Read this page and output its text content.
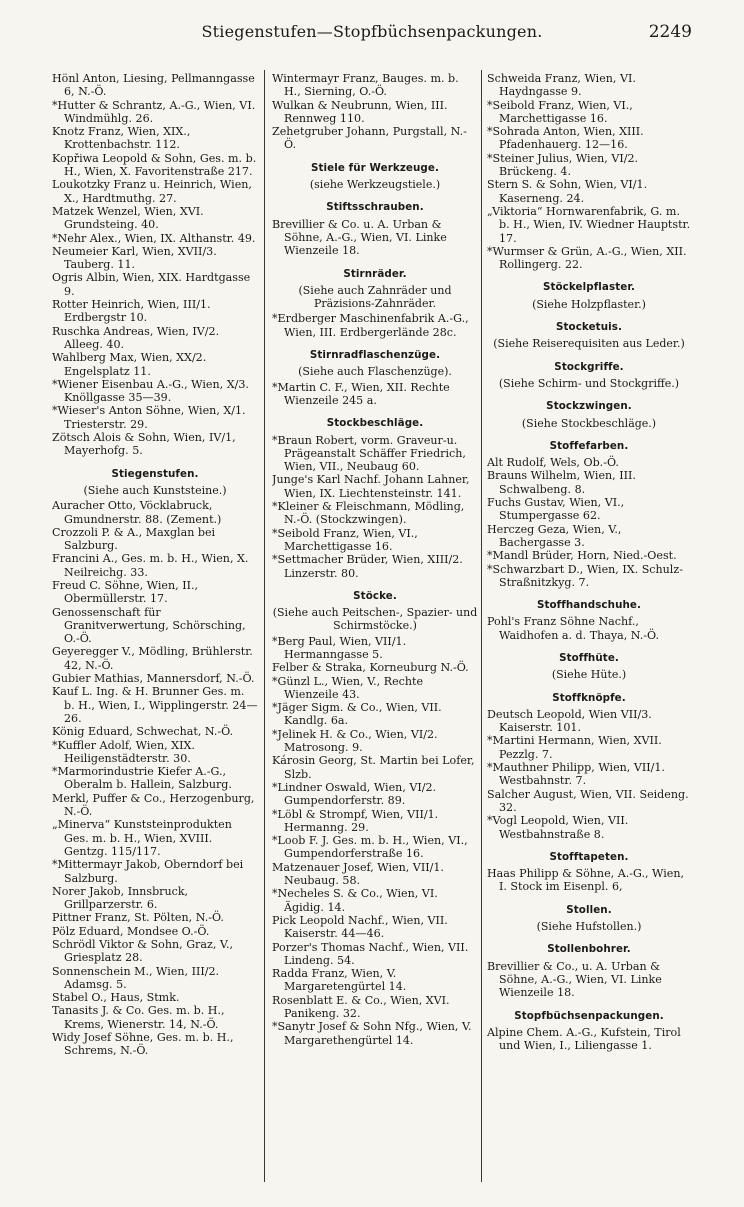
Stiegenstufen—Stopfbüchsenpackungen.	2249

Hönl Anton, Liesing, Pellmanngasse 6, N.-Ö.

*Hutter & Schrantz, A.-G., Wien, VI. Windmühlg. 26.

Knotz Franz, Wien, XIX., Krottenbachstr. 112.

Kopřiwa Leopold & Sohn, Ges. m. b. H., Wien, X. Favoritenstraße 217.

Loukotzky Franz u. Heinrich, Wien, X., Hardtmuthg. 27.

Matzek Wenzel, Wien, XVI. Grundsteing. 40.

*Nehr Alex., Wien, IX. Althanstr. 49.

Neumeier Karl, Wien, XVII/3. Tauberg. 11.

Ogris Albin, Wien, XIX. Hardtgasse 9.

Rotter Heinrich, Wien, III/1. Erdbergstr 10.

Ruschka Andreas, Wien, IV/2. Alleeg. 40.

Wahlberg Max, Wien, XX/2. Engelsplatz 11.

*Wiener Eisenbau A.-G., Wien, X/3. Knöllgasse 35—39.

*Wieser's Anton Söhne, Wien, X/1. Triesterstr. 29.

Zötsch Alois & Sohn, Wien, IV/1, Mayerhofg. 5.

Stiegenstufen.
(Siehe auch Kunststeine.)

Auracher Otto, Vöcklabruck, Gmundnerstr. 88. (Zement.)

Crozzoli P. & A., Maxglan bei Salzburg.

Francini A., Ges. m. b. H., Wien, X. Neilreichg. 33.

Freud C. Söhne, Wien, II., Obermüllerstr. 17.

Genossenschaft für Granitverwertung, Schörsching, O.-Ö.

Geyeregger V., Mödling, Brühlerstr. 42, N.-Ö.

Gubier Mathias, Mannersdorf, N.-Ö.

Kauf L. Ing. & H. Brunner Ges. m. b. H., Wien, I., Wipplingerstr. 24—26.

König Eduard, Schwechat, N.-Ö.

*Kuffler Adolf, Wien, XIX. Heiligenstädterstr. 30.

*Marmorindustrie Kiefer A.-G., Oberalm b. Hallein, Salzburg.

Merkl, Puffer & Co., Herzogenburg, N.-Ö.

„Minerva“ Kunststeinprodukten Ges. m. b. H., Wien, XVIII. Gentzg. 115/117.

*Mittermayr Jakob, Oberndorf bei Salzburg.

Norer Jakob, Innsbruck, Grillparzerstr. 6.

Pittner Franz, St. Pölten, N.-Ö.

Pölz Eduard, Mondsee O.-Ö.

Schrödl Viktor & Sohn, Graz, V., Griesplatz 28.

Sonnenschein M., Wien, III/2. Adamsg. 5.

Stabel O., Haus, Stmk.

Tanasits J. & Co. Ges. m. b. H., Krems, Wienerstr. 14, N.-Ö.

Widy Josef Söhne, Ges. m. b. H., Schrems, N.-Ö.

Wintermayr Franz, Bauges. m. b. H., Sierning, O.-Ö.

Wulkan & Neubrunn, Wien, III. Rennweg 110.

Zehetgruber Johann, Purgstall, N.-Ö.

Stiele für Werkzeuge.
(siehe Werkzeugstiele.)
Stiftsschrauben.

Brevillier & Co. u. A. Urban & Söhne, A.-G., Wien, VI. Linke Wienzeile 18.

Stirnräder.
(Siehe auch Zahnräder und Präzisions-Zahnräder.

*Erdberger Maschinenfabrik A.-G., Wien, III. Erdbergerlände 28c.

Stirnradflaschenzüge.
(Siehe auch Flaschenzüge).

*Martin C. F., Wien, XII. Rechte Wienzeile 245 a.

Stockbeschläge.

*Braun Robert, vorm. Graveur-u. Prägeanstalt Schäffer Friedrich, Wien, VII., Neubaug 60.

Junge's Karl Nachf. Johann Lahner, Wien, IX. Liechtensteinstr. 141.

*Kleiner & Fleischmann, Mödling, N.-Ö. (Stockzwingen).

*Seibold Franz, Wien, VI., Marchettigasse 16.

*Settmacher Brüder, Wien, XIII/2. Linzerstr. 80.

Stöcke.
(Siehe auch Peitschen-, Spazier- und Schirmstöcke.)

*Berg Paul, Wien, VII/1. Hermanngasse 5.

Felber & Straka, Korneuburg N.-Ö.

*Günzl L., Wien, V., Rechte Wienzeile 43.

*Jäger Sigm. & Co., Wien, VII. Kandlg. 6a.

*Jelinek H. & Co., Wien, VI/2. Matrosong. 9.

Károsin Georg, St. Martin bei Lofer, Slzb.

*Lindner Oswald, Wien, VI/2. Gumpendorferstr. 89.

*Löbl & Strompf, Wien, VII/1. Hermanng. 29.

*Loob F. J. Ges. m. b. H., Wien, VI., Gumpendorferstraße 16.

Matzenauer Josef, Wien, VII/1. Neubaug. 58.

*Necheles S. & Co., Wien, VI. Ägidig. 14.

Pick Leopold Nachf., Wien, VII. Kaiserstr. 44—46.

Porzer's Thomas Nachf., Wien, VII. Lindeng. 54.

Radda Franz, Wien, V. Margaretengürtel 14.

Rosenblatt E. & Co., Wien, XVI. Panikeng. 32.

*Sanytr Josef & Sohn Nfg., Wien, V. Margarethengürtel 14.

Schweida Franz, Wien, VI. Haydngasse 9.

*Seibold Franz, Wien, VI., Marchettigasse 16.

*Sohrada Anton, Wien, XIII. Pfadenhauerg. 12—16.

*Steiner Julius, Wien, VI/2. Brückeng. 4.

Stern S. & Sohn, Wien, VI/1. Kaserneng. 24.

„Viktoria“ Hornwarenfabrik, G. m. b. H., Wien, IV. Wiedner Hauptstr. 17.

*Wurmser & Grün, A.-G., Wien, XII. Rollingerg. 22.

Stöckelpflaster.
(Siehe Holzpflaster.)
Stocketuis.
(Siehe Reiserequisiten aus Leder.)
Stockgriffe.
(Siehe Schirm- und Stockgriffe.)
Stockzwingen.
(Siehe Stockbeschläge.)
Stoffefarben.

Alt Rudolf, Wels, Ob.-Ö.

Brauns Wilhelm, Wien, III. Schwalbeng. 8.

Fuchs Gustav, Wien, VI., Stumpergasse 62.

Herczeg Geza, Wien, V., Bachergasse 3.

*Mandl Brüder, Horn, Nied.-Oest.

*Schwarzbart D., Wien, IX. Schulz-Straßnitzkyg. 7.

Stoffhandschuhe.

Pohl's Franz Söhne Nachf., Waidhofen a. d. Thaya, N.-Ö.

Stoffhüte.
(Siehe Hüte.)
Stoffknöpfe.

Deutsch Leopold, Wien VII/3. Kaiserstr. 101.

*Martini Hermann, Wien, XVII. Pezzlg. 7.

*Mauthner Philipp, Wien, VII/1. Westbahnstr. 7.

Salcher August, Wien, VII. Seideng. 32.

*Vogl Leopold, Wien, VII. Westbahnstraße 8.

Stofftapeten.

Haas Philipp & Söhne, A.-G., Wien, I. Stock im Eisenpl. 6,

Stollen.
(Siehe Hufstollen.)
Stollenbohrer.

Brevillier & Co., u. A. Urban & Söhne, A.-G., Wien, VI. Linke Wienzeile 18.

Stopfbüchsenpackungen.

Alpine Chem. A.-G., Kufstein, Tirol und Wien, I., Liliengasse 1.
